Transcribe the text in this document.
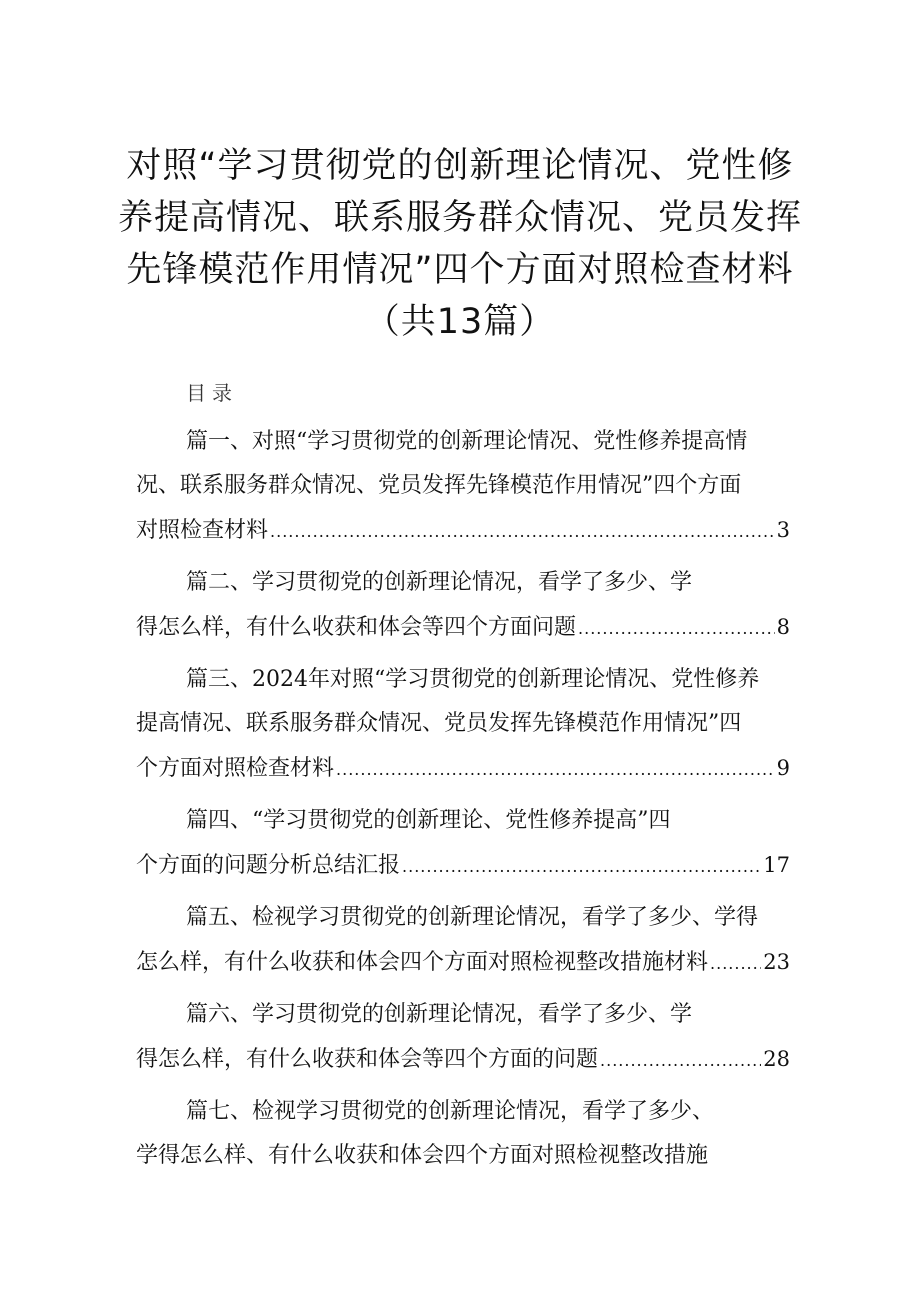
对照“学习贯彻党的创新理论情况、党性修
养提高情况、联系服务群众情况、党员发挥
先锋模范作用情况”四个方面对照检查材料
（共13篇）
目录
篇一、对照“学习贯彻党的创新理论情况、党性修养提高情
况、联系服务群众情况、党员发挥先锋模范作用情况”四个方面
对照检查材料 .....	3
篇二、学习贯彻党的创新理论情况，看学了多少、学
得怎么样，有什么收获和体会等四个方面问题 .....	8
篇三、2024年对照“学习贯彻党的创新理论情况、党性修养
提高情况、联系服务群众情况、党员发挥先锋模范作用情况”四
个方面对照检查材料 .....	9
篇四、“学习贯彻党的创新理论、党性修养提高”四
个方面的问题分析总结汇报 .....	17
篇五、检视学习贯彻党的创新理论情况，看学了多少、学得
怎么样，有什么收获和体会四个方面对照检视整改措施材料 .....	23
篇六、学习贯彻党的创新理论情况，看学了多少、学
得怎么样，有什么收获和体会等四个方面的问题 .....	28
篇七、检视学习贯彻党的创新理论情况，看学了多少、
学得怎么样、有什么收获和体会四个方面对照检视整改措施
